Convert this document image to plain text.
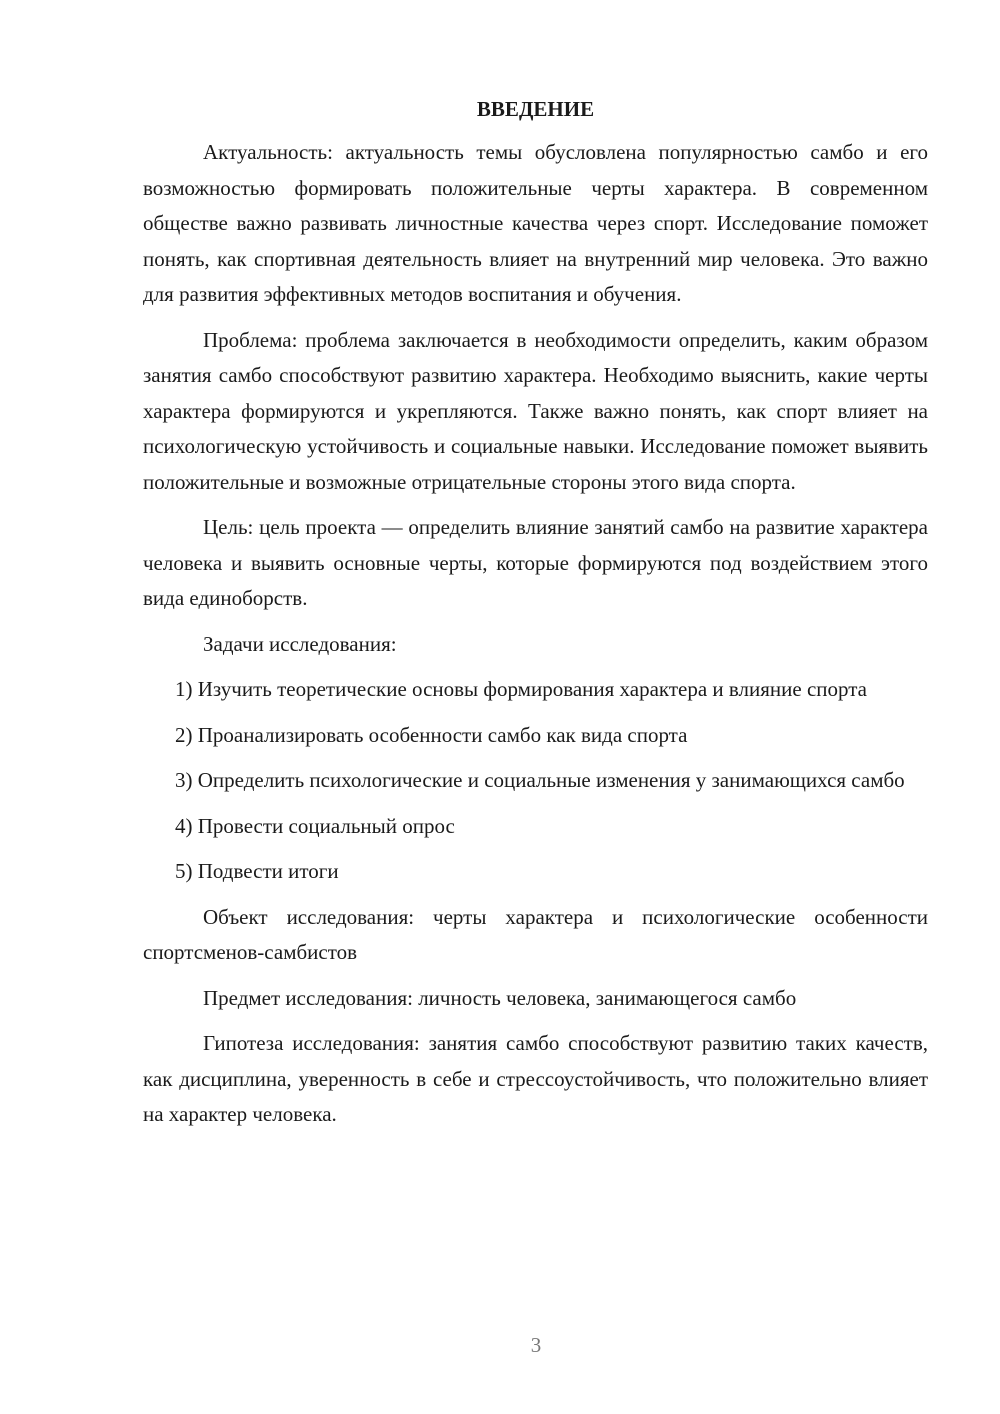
ВВЕДЕНИЕ

Актуальность: актуальность темы обусловлена популярностью самбо и его возможностью формировать положительные черты характера. В современном обществе важно развивать личностные качества через спорт. Исследование поможет понять, как спортивная деятельность влияет на внутренний мир человека. Это важно для развития эффективных методов воспитания и обучения.

Проблема: проблема заключается в необходимости определить, каким образом занятия самбо способствуют развитию характера. Необходимо выяснить, какие черты характера формируются и укрепляются. Также важно понять, как спорт влияет на психологическую устойчивость и социальные навыки. Исследование поможет выявить положительные и возможные отрицательные стороны этого вида спорта.

Цель: цель проекта — определить влияние занятий самбо на развитие характера человека и выявить основные черты, которые формируются под воздействием этого вида единоборств.

Задачи исследования:

1) Изучить теоретические основы формирования характера и влияние спорта

2) Проанализировать особенности самбо как вида спорта

3) Определить психологические и социальные изменения у занимающихся самбо

4) Провести социальный опрос

5) Подвести итоги

Объект исследования: черты характера и психологические особенности спортсменов-самбистов

Предмет исследования: личность человека, занимающегося самбо

Гипотеза исследования: занятия самбо способствуют развитию таких качеств, как дисциплина, уверенность в себе и стрессоустойчивость, что положительно влияет на характер человека.

3
